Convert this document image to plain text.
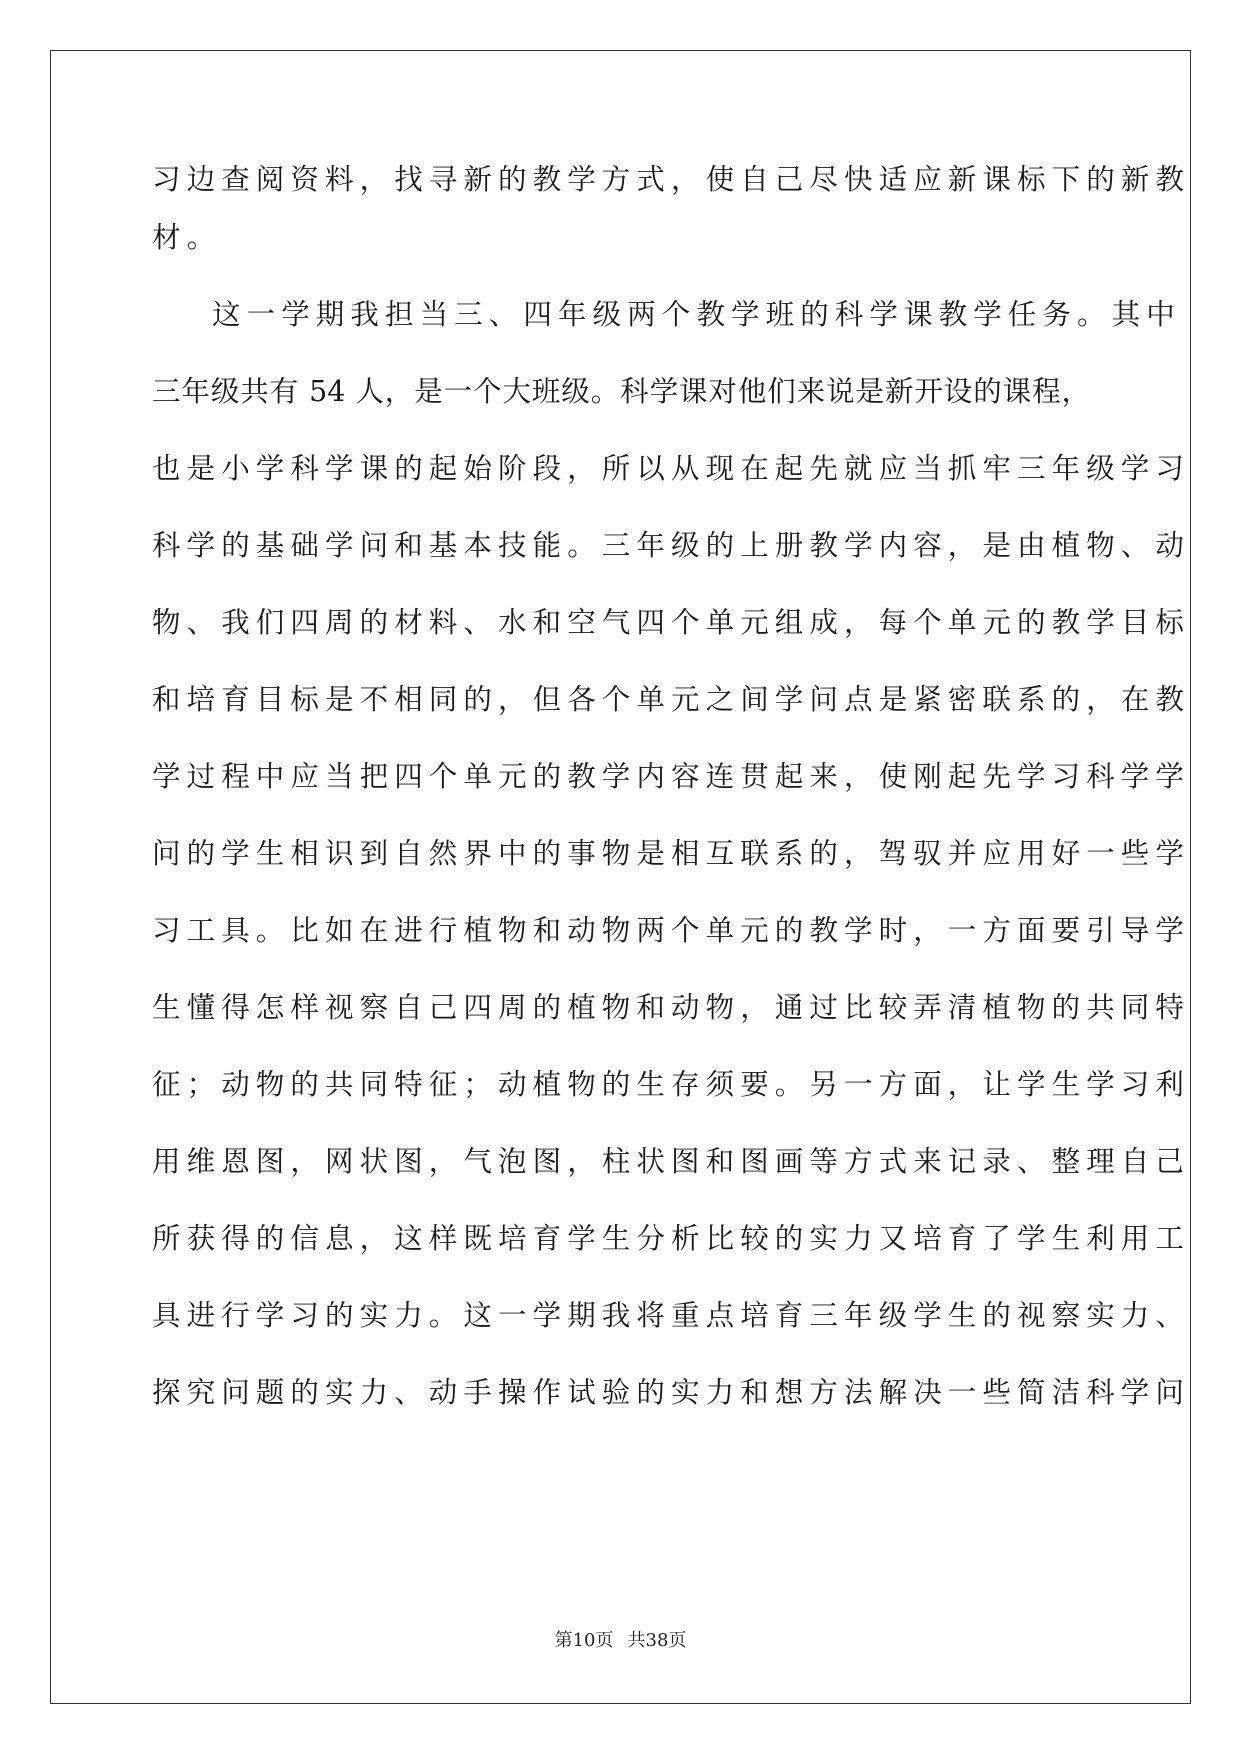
习边查阅资料，找寻新的教学方式，使自己尽快适应新课标下的新教
材。
这一学期我担当三、四年级两个教学班的科学课教学任务。其中
三年级共有 54 人，是一个大班级。科学课对他们来说是新开设的课程，
也是小学科学课的起始阶段，所以从现在起先就应当抓牢三年级学习
科学的基础学问和基本技能。三年级的上册教学内容，是由植物、动
物、我们四周的材料、水和空气四个单元组成，每个单元的教学目标
和培育目标是不相同的，但各个单元之间学问点是紧密联系的，在教
学过程中应当把四个单元的教学内容连贯起来，使刚起先学习科学学
问的学生相识到自然界中的事物是相互联系的，驾驭并应用好一些学
习工具。比如在进行植物和动物两个单元的教学时，一方面要引导学
生懂得怎样视察自己四周的植物和动物，通过比较弄清植物的共同特
征；动物的共同特征；动植物的生存须要。另一方面，让学生学习利
用维恩图，网状图，气泡图，柱状图和图画等方式来记录、整理自己
所获得的信息，这样既培育学生分析比较的实力又培育了学生利用工
具进行学习的实力。这一学期我将重点培育三年级学生的视察实力、
探究问题的实力、动手操作试验的实力和想方法解决一些简洁科学问
第10页 共38页
